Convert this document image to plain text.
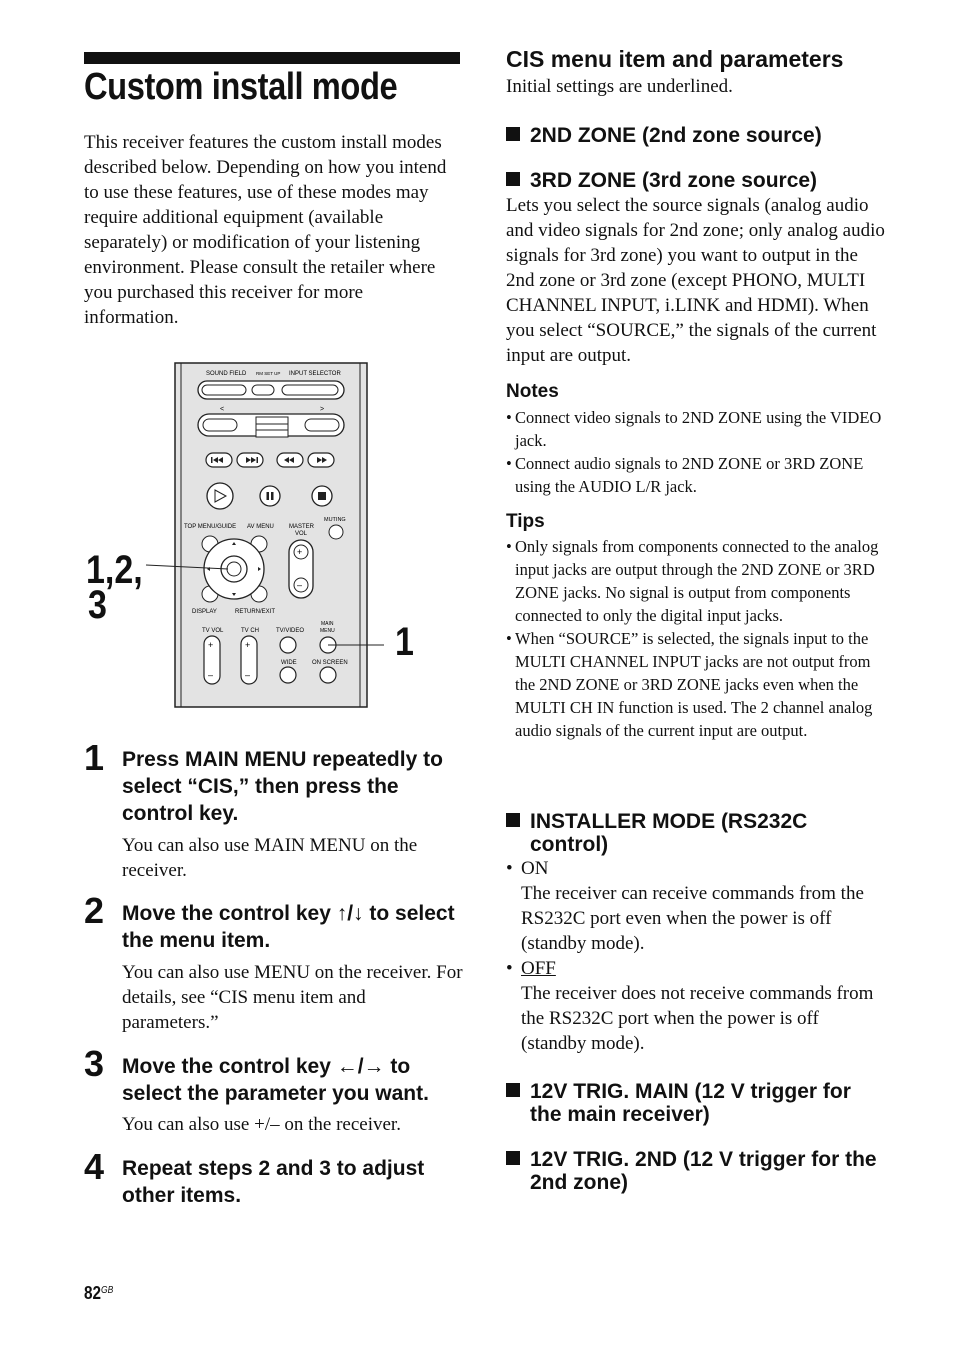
Custom install mode
This receiver features the custom install modes described below. Depending on how you intend to use these features, use of these modes may require additional equipment (available separately) or modification of your listening environment. Please consult the retailer where you purchased this receiver for more information.
SOUND FIELD RM SET UP INPUT SELECTOR
<	>
TOP MENU/GUIDE AV MENU	MASTER
VOL
MUTING
DISPLAY	RETURN/EXIT
+
–
TV VOL	TV CH	TV/VIDEO
MAIN
MENU
+
–
+
–
WIDE	ON SCREEN
1,2,
3
1
1 Press MAIN MENU repeatedly to select “CIS,” then press the control key.
You can also use MAIN MENU on the receiver.
2 Move the control key ↑/↓ to select the menu item.
You can also use MENU on the receiver. For details, see “CIS menu item and parameters.”
3 Move the control key ←/→ to select the parameter you want.
You can also use +/– on the receiver.
4 Repeat steps 2 and 3 to adjust other items.
$82^{GB}$
CIS menu item and parameters
Initial settings are underlined.
2ND ZONE (2nd zone source)
3RD ZONE (3rd zone source)
Lets you select the source signals (analog audio and video signals for 2nd zone; only analog audio signals for 3rd zone) you want to output in the 2nd zone or 3rd zone (except PHONO, MULTI CHANNEL INPUT, i.LINK and HDMI). When you select “SOURCE,” the signals of the current input are output.
Notes
• Connect video signals to 2ND ZONE using the VIDEO jack.
• Connect audio signals to 2ND ZONE or 3RD ZONE using the AUDIO L/R jack.
Tips
• Only signals from components connected to the analog input jacks are output through the 2ND ZONE or 3RD ZONE jacks. No signal is output from components connected to only the digital input jacks.
• When “SOURCE” is selected, the signals input to the MULTI CHANNEL INPUT jacks are not output from the 2ND ZONE or 3RD ZONE jacks even when the MULTI CH IN function is used. The 2 channel analog audio signals of the current input are output.
INSTALLER MODE (RS232C control)
• ON
The receiver can receive commands from the RS232C port even when the power is off (standby mode).
• OFF
The receiver does not receive commands from the RS232C port when the power is off (standby mode).
12V TRIG. MAIN (12 V trigger for the main receiver)
12V TRIG. 2ND (12 V trigger for the 2nd zone)
